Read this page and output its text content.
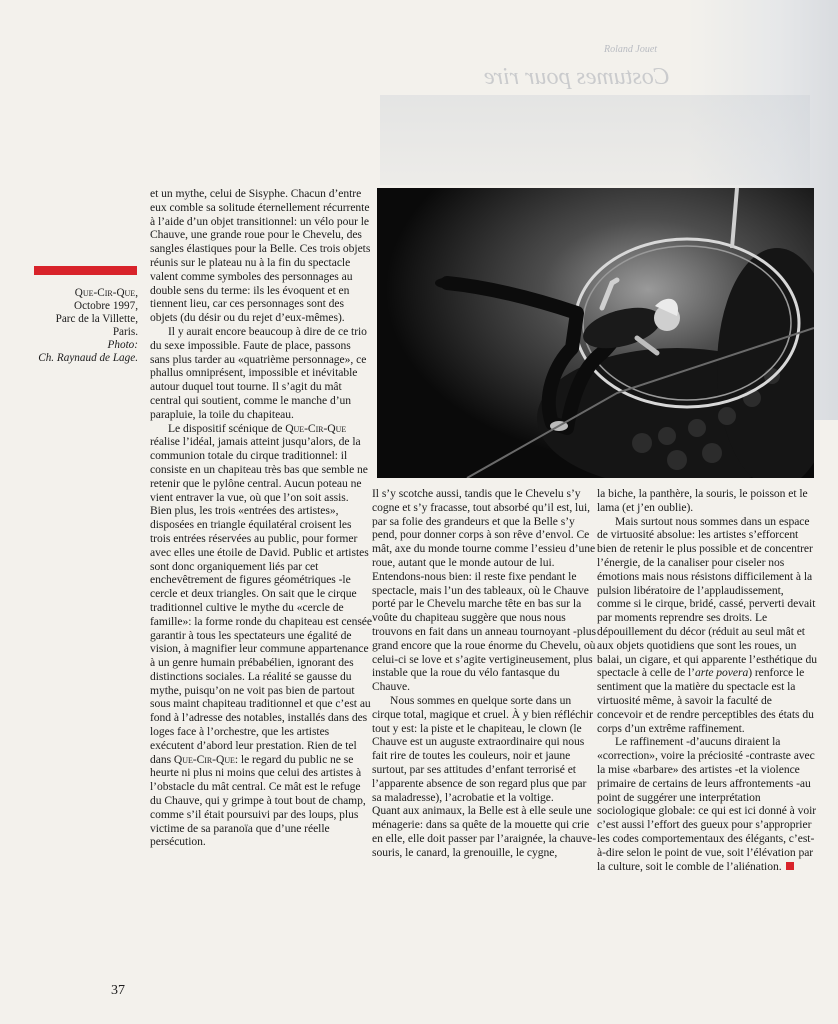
Roland Jouet
Costumes pour rire
Que-Cir-Que,
Octobre 1997,
Parc de la Villette,
Paris.
Photo:
Ch. Raynaud de Lage.

et un mythe, celui de Sisyphe. Chacun d’entre eux comble sa solitude éternellement récurrente à l’aide d’un objet transitionnel: un vélo pour le Chauve, une grande roue pour le Chevelu, des sangles élastiques pour la Belle. Ces trois objets réunis sur le plateau nu à la fin du spectacle valent comme symboles des personnages au double sens du terme: ils les évoquent et en tiennent lieu, car ces personnages sont des objets (du désir ou du rejet d’eux-mêmes).

Il y aurait encore beaucoup à dire de ce trio du sexe impossible. Faute de place, passons sans plus tarder au «quatrième personnage», ce phallus omniprésent, impossible et inévitable autour duquel tout tourne. Il s’agit du mât central qui soutient, comme le manche d’un parapluie, la toile du chapiteau.

Le dispositif scénique de Que-Cir-Que réalise l’idéal, jamais atteint jusqu’alors, de la communion totale du cirque traditionnel: il consiste en un chapiteau très bas que semble ne retenir que le pylône central. Aucun poteau ne vient entraver la vue, où que l’on soit assis. Bien plus, les trois «entrées des artistes», disposées en triangle équilatéral croisent les trois entrées réservées au public, pour former avec elles une étoile de David. Public et artistes sont donc organiquement liés par cet enchevêtrement de figures géométriques -le cercle et deux triangles. On sait que le cirque traditionnel cultive le mythe du «cercle de famille»: la forme ronde du chapiteau est censée garantir à tous les spectateurs une égalité de vision, à magnifier leur commune appartenance à un genre humain prébabélien, ignorant des distinctions sociales. La réalité se gausse du mythe, puisqu’on ne voit pas bien de partout sous maint chapiteau traditionnel et que c’est au fond à l’adresse des notables, installés dans des loges face à l’orchestre, que les artistes exécutent d’abord leur prestation. Rien de tel dans Que-Cir-Que: le regard du public ne se heurte ni plus ni moins que celui des artistes à l’obstacle du mât central. Ce mât est le refuge du Chauve, qui y grimpe à tout bout de champ, comme s’il était poursuivi par des loups, plus victime de sa paranoïa que d’une réelle persécution.

Il s’y scotche aussi, tandis que le Chevelu s’y cogne et s’y fracasse, tout absorbé qu’il est, lui, par sa folie des grandeurs et que la Belle s’y pend, pour donner corps à son rêve d’envol. Ce mât, axe du monde tourne comme l’essieu d’une roue, autant que le monde autour de lui. Entendons-nous bien: il reste fixe pendant le spectacle, mais l’un des tableaux, où le Chauve porté par le Chevelu marche tête en bas sur la voûte du chapiteau suggère que nous nous trouvons en fait dans un anneau tournoyant -plus grand encore que la roue énorme du Chevelu, où celui-ci se love et s’agite vertigineusement, plus instable que la roue du vélo fantasque du Chauve.

Nous sommes en quelque sorte dans un cirque total, magique et cruel. À y bien réfléchir tout y est: la piste et le chapiteau, le clown (le Chauve est un auguste extraordinaire qui nous fait rire de toutes les couleurs, noir et jaune surtout, par ses attitudes d’enfant terrorisé et l’apparente absence de son regard plus que par sa maladresse), l’acrobatie et la voltige.

Quant aux animaux, la Belle est à elle seule une ménagerie: dans sa quête de la mouette qui crie en elle, elle doit passer par l’araignée, la chauve-souris, le canard, la grenouille, le cygne,

la biche, la panthère, la souris, le poisson et le lama (et j’en oublie).

Mais surtout nous sommes dans un espace de virtuosité absolue: les artistes s’efforcent bien de retenir le plus possible et de concentrer l’énergie, de la canaliser pour ciseler nos émotions mais nous résistons difficilement à la pulsion libératoire de l’applaudissement, comme si le cirque, bridé, cassé, perverti devait par moments reprendre ses droits. Le dépouillement du décor (réduit au seul mât et aux objets quotidiens que sont les roues, un balai, un cigare, et qui apparente l’esthétique du spectacle à celle de l’arte povera) renforce le sentiment que la matière du spectacle est la virtuosité même, à savoir la faculté de concevoir et de rendre perceptibles des états du corps d’un extrême raffinement.

Le raffinement -d’aucuns diraient la «correction», voire la préciosité -contraste avec la mise «barbare» des artistes -et la violence primaire de certains de leurs affrontements -au point de suggérer une interprétation sociologique globale: ce qui est ici donné à voir c’est aussi l’effort des gueux pour s’approprier les codes comportementaux des élégants, c’est-à-dire selon le point de vue, soit l’élévation par la culture, soit le comble de l’aliénation.

37
